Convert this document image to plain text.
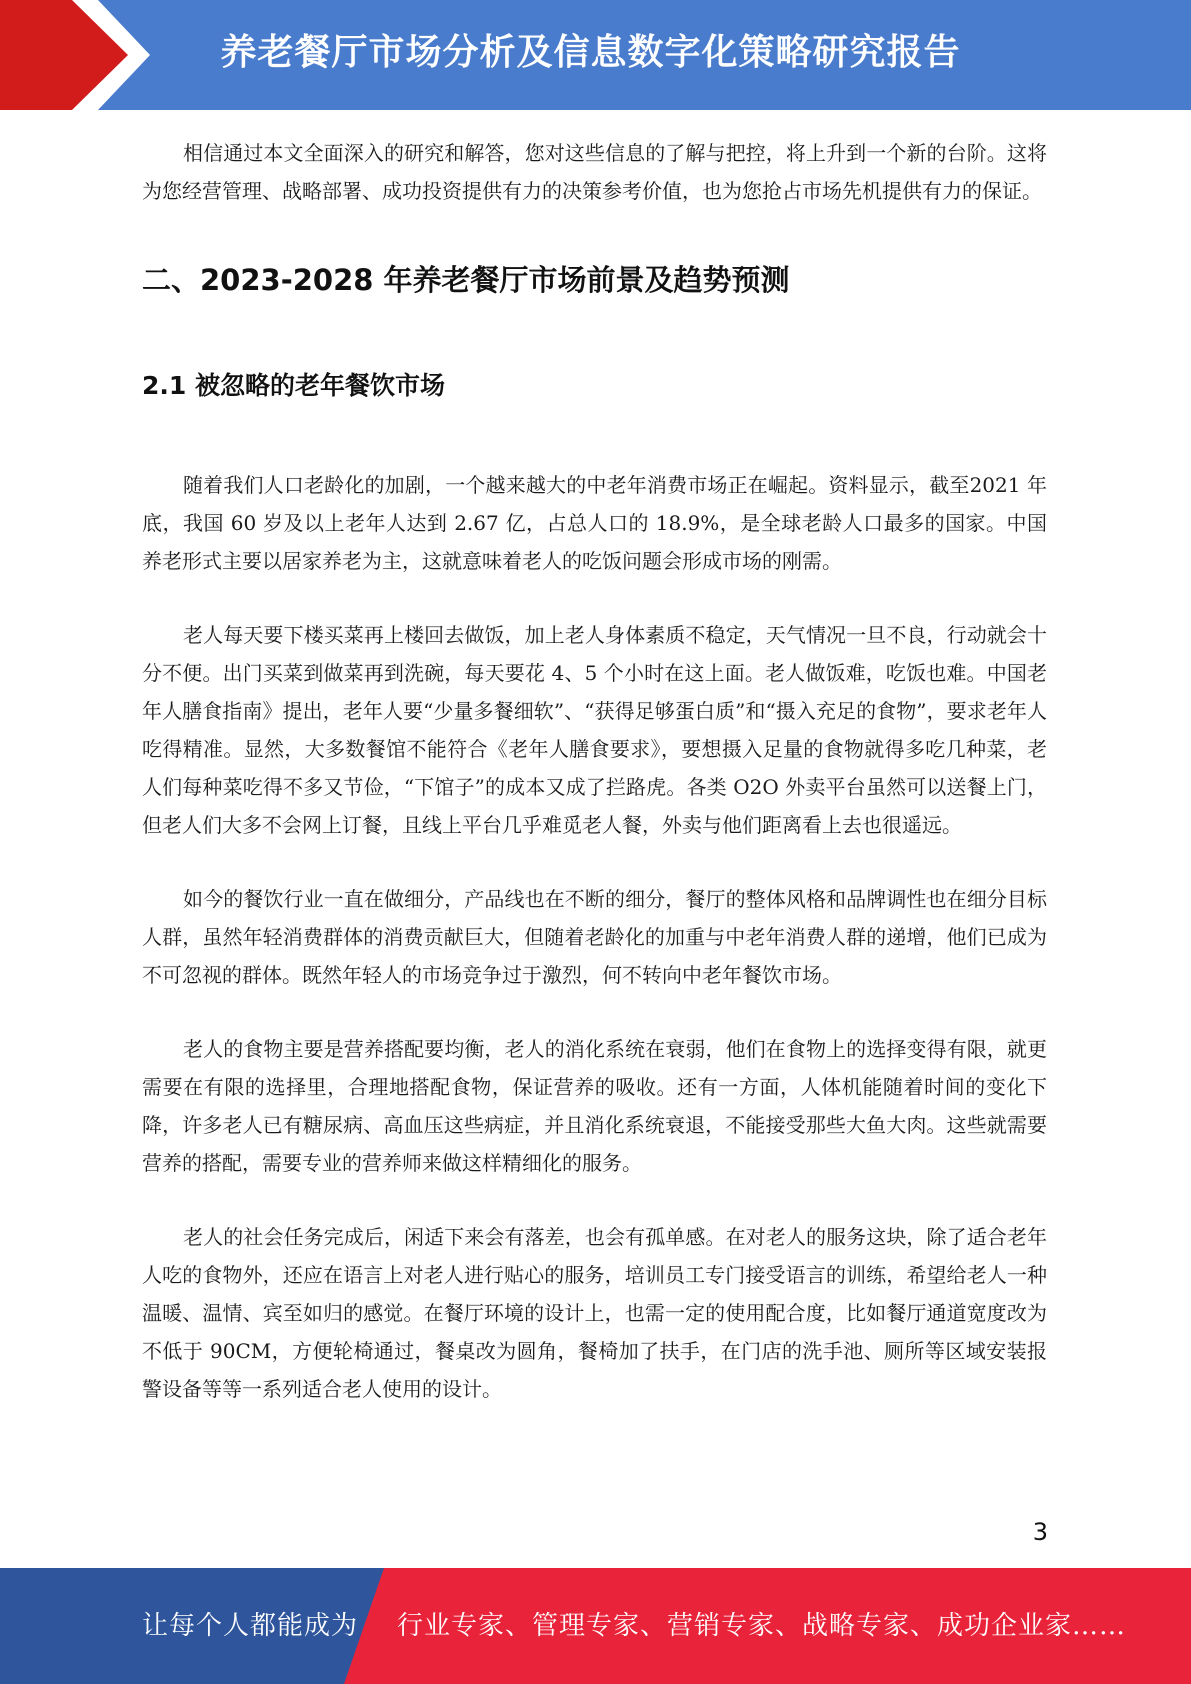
养老餐厅市场分析及信息数字化策略研究报告

相信通过本文全面深入的研究和解答，您对这些信息的了解与把控，将上升到一个新的台阶。这将为您经营管理、战略部署、成功投资提供有力的决策参考价值，也为您抢占市场先机提供有力的保证。

二、2023-2028 年养老餐厅市场前景及趋势预测
2.1 被忽略的老年餐饮市场

随着我们人口老龄化的加剧，一个越来越大的中老年消费市场正在崛起。资料显示，截至2021 年底，我国 60 岁及以上老年人达到 2.67 亿，占总人口的 18.9%，是全球老龄人口最多的国家。中国养老形式主要以居家养老为主，这就意味着老人的吃饭问题会形成市场的刚需。

老人每天要下楼买菜再上楼回去做饭，加上老人身体素质不稳定，天气情况一旦不良，行动就会十分不便。出门买菜到做菜再到洗碗，每天要花 4、5 个小时在这上面。老人做饭难，吃饭也难。中国老年人膳食指南》提出，老年人要“少量多餐细软”、“获得足够蛋白质”和“摄入充足的食物”，要求老年人吃得精准。显然，大多数餐馆不能符合《老年人膳食要求》，要想摄入足量的食物就得多吃几种菜，老人们每种菜吃得不多又节俭，“下馆子”的成本又成了拦路虎。各类 O2O 外卖平台虽然可以送餐上门，但老人们大多不会网上订餐，且线上平台几乎难觅老人餐，外卖与他们距离看上去也很遥远。

如今的餐饮行业一直在做细分，产品线也在不断的细分，餐厅的整体风格和品牌调性也在细分目标人群，虽然年轻消费群体的消费贡献巨大，但随着老龄化的加重与中老年消费人群的递增，他们已成为不可忽视的群体。既然年轻人的市场竞争过于激烈，何不转向中老年餐饮市场。

老人的食物主要是营养搭配要均衡，老人的消化系统在衰弱，他们在食物上的选择变得有限，就更需要在有限的选择里，合理地搭配食物，保证营养的吸收。还有一方面，人体机能随着时间的变化下降，许多老人已有糖尿病、高血压这些病症，并且消化系统衰退，不能接受那些大鱼大肉。这些就需要营养的搭配，需要专业的营养师来做这样精细化的服务。

老人的社会任务完成后，闲适下来会有落差，也会有孤单感。在对老人的服务这块，除了适合老年人吃的食物外，还应在语言上对老人进行贴心的服务，培训员工专门接受语言的训练，希望给老人一种温暖、温情、宾至如归的感觉。在餐厅环境的设计上，也需一定的使用配合度，比如餐厅通道宽度改为不低于 90CM，方便轮椅通过，餐桌改为圆角，餐椅加了扶手，在门店的洗手池、厕所等区域安装报警设备等等一系列适合老人使用的设计。

3
让每个人都能成为 行业专家、管理专家、营销专家、战略专家、成功企业家……
